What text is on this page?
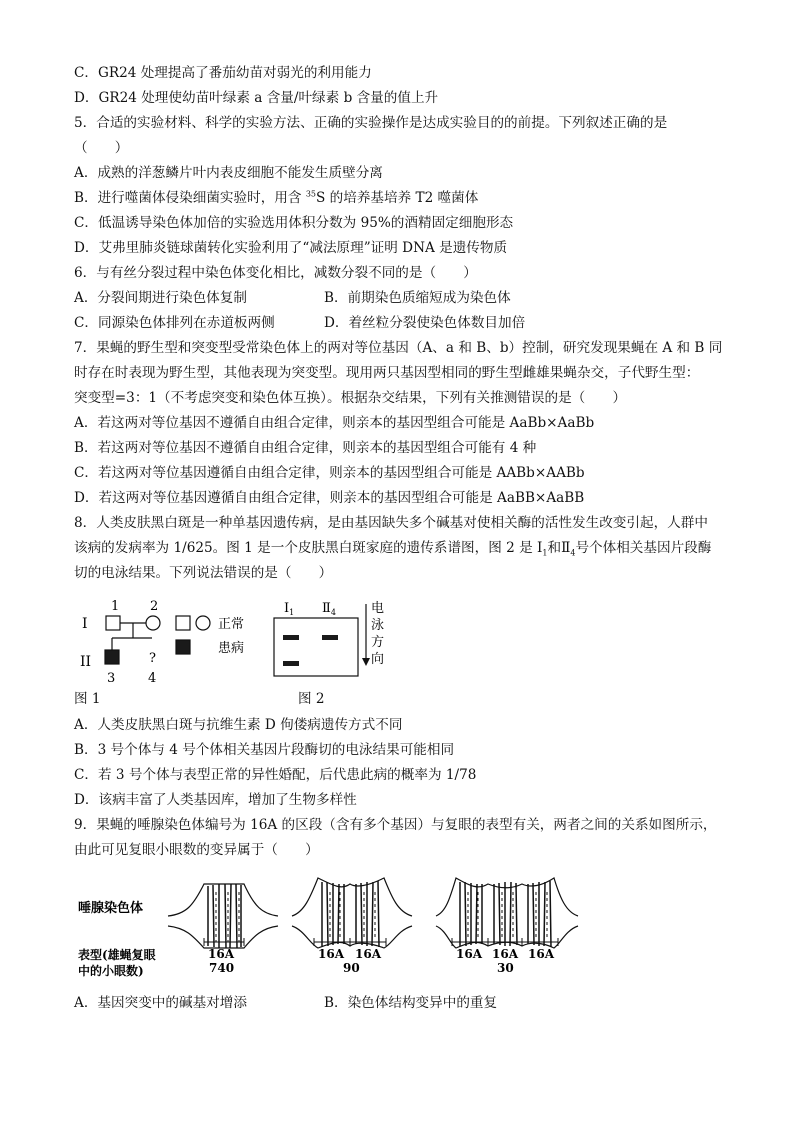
C．GR24 处理提高了番茄幼苗对弱光的利用能力
D．GR24 处理使幼苗叶绿素 a 含量/叶绿素 b 含量的值上升
5．合适的实验材料、科学的实验方法、正确的实验操作是达成实验目的的前提。下列叙述正确的是
（　　）
A．成熟的洋葱鳞片叶内表皮细胞不能发生质壁分离
B．进行噬菌体侵染细菌实验时，用含 $^{35}$S 的培养基培养 T2 噬菌体
C．低温诱导染色体加倍的实验选用体积分数为 95%的酒精固定细胞形态
D．艾弗里肺炎链球菌转化实验利用了“减法原理”证明 DNA 是遗传物质
6．与有丝分裂过程中染色体变化相比，减数分裂不同的是（　　）
A．分裂间期进行染色体复制	B．前期染色质缩短成为染色体
C．同源染色体排列在赤道板两侧	D．着丝粒分裂使染色体数目加倍
7．果蝇的野生型和突变型受常染色体上的两对等位基因（A、a 和 B、b）控制，研究发现果蝇在 A 和 B 同
时存在时表现为野生型，其他表现为突变型。现用两只基因型相同的野生型雌雄果蝇杂交，子代野生型：
突变型=3：1（不考虑突变和染色体互换）。根据杂交结果，下列有关推测错误的是（　　）
A．若这两对等位基因不遵循自由组合定律，则亲本的基因型组合可能是 AaBb×AaBb
B．若这两对等位基因不遵循自由组合定律，则亲本的基因型组合可能有 4 种
C．若这两对等位基因遵循自由组合定律，则亲本的基因型组合可能是 AABb×AABb
D．若这两对等位基因遵循自由组合定律，则亲本的基因型组合可能是 AaBB×AaBB
8．人类皮肤黑白斑是一种单基因遗传病，是由基因缺失多个碱基对使相关酶的活性发生改变引起，人群中
该病的发病率为 1/625。图 1 是一个皮肤黑白斑家庭的遗传系谱图，图 2 是 $I_1$和$Ⅱ_4$号个体相关基因片段酶
切的电泳结果。下列说法错误的是（　　）
I
II
1 2
?
3	4
正常
患病
$I_1$ $Ⅱ_4$	电
泳
方
向
图 1	图 2
A．人类皮肤黑白斑与抗维生素 D 佝偻病遗传方式不同
B．3 号个体与 4 号个体相关基因片段酶切的电泳结果可能相同
C．若 3 号个体与表型正常的异性婚配，后代患此病的概率为 1/78
D．该病丰富了人类基因库，增加了生物多样性
9．果蝇的唾腺染色体编号为 16A 的区段（含有多个基因）与复眼的表型有关，两者之间的关系如图所示，
由此可见复眼小眼数的变异属于（　　）
唾腺染色体
表型(雄蝇复眼
中的小眼数)
16A
740
16A 16A
90
16A 16A 16A
30
A．基因突变中的碱基对增添	B．染色体结构变异中的重复
